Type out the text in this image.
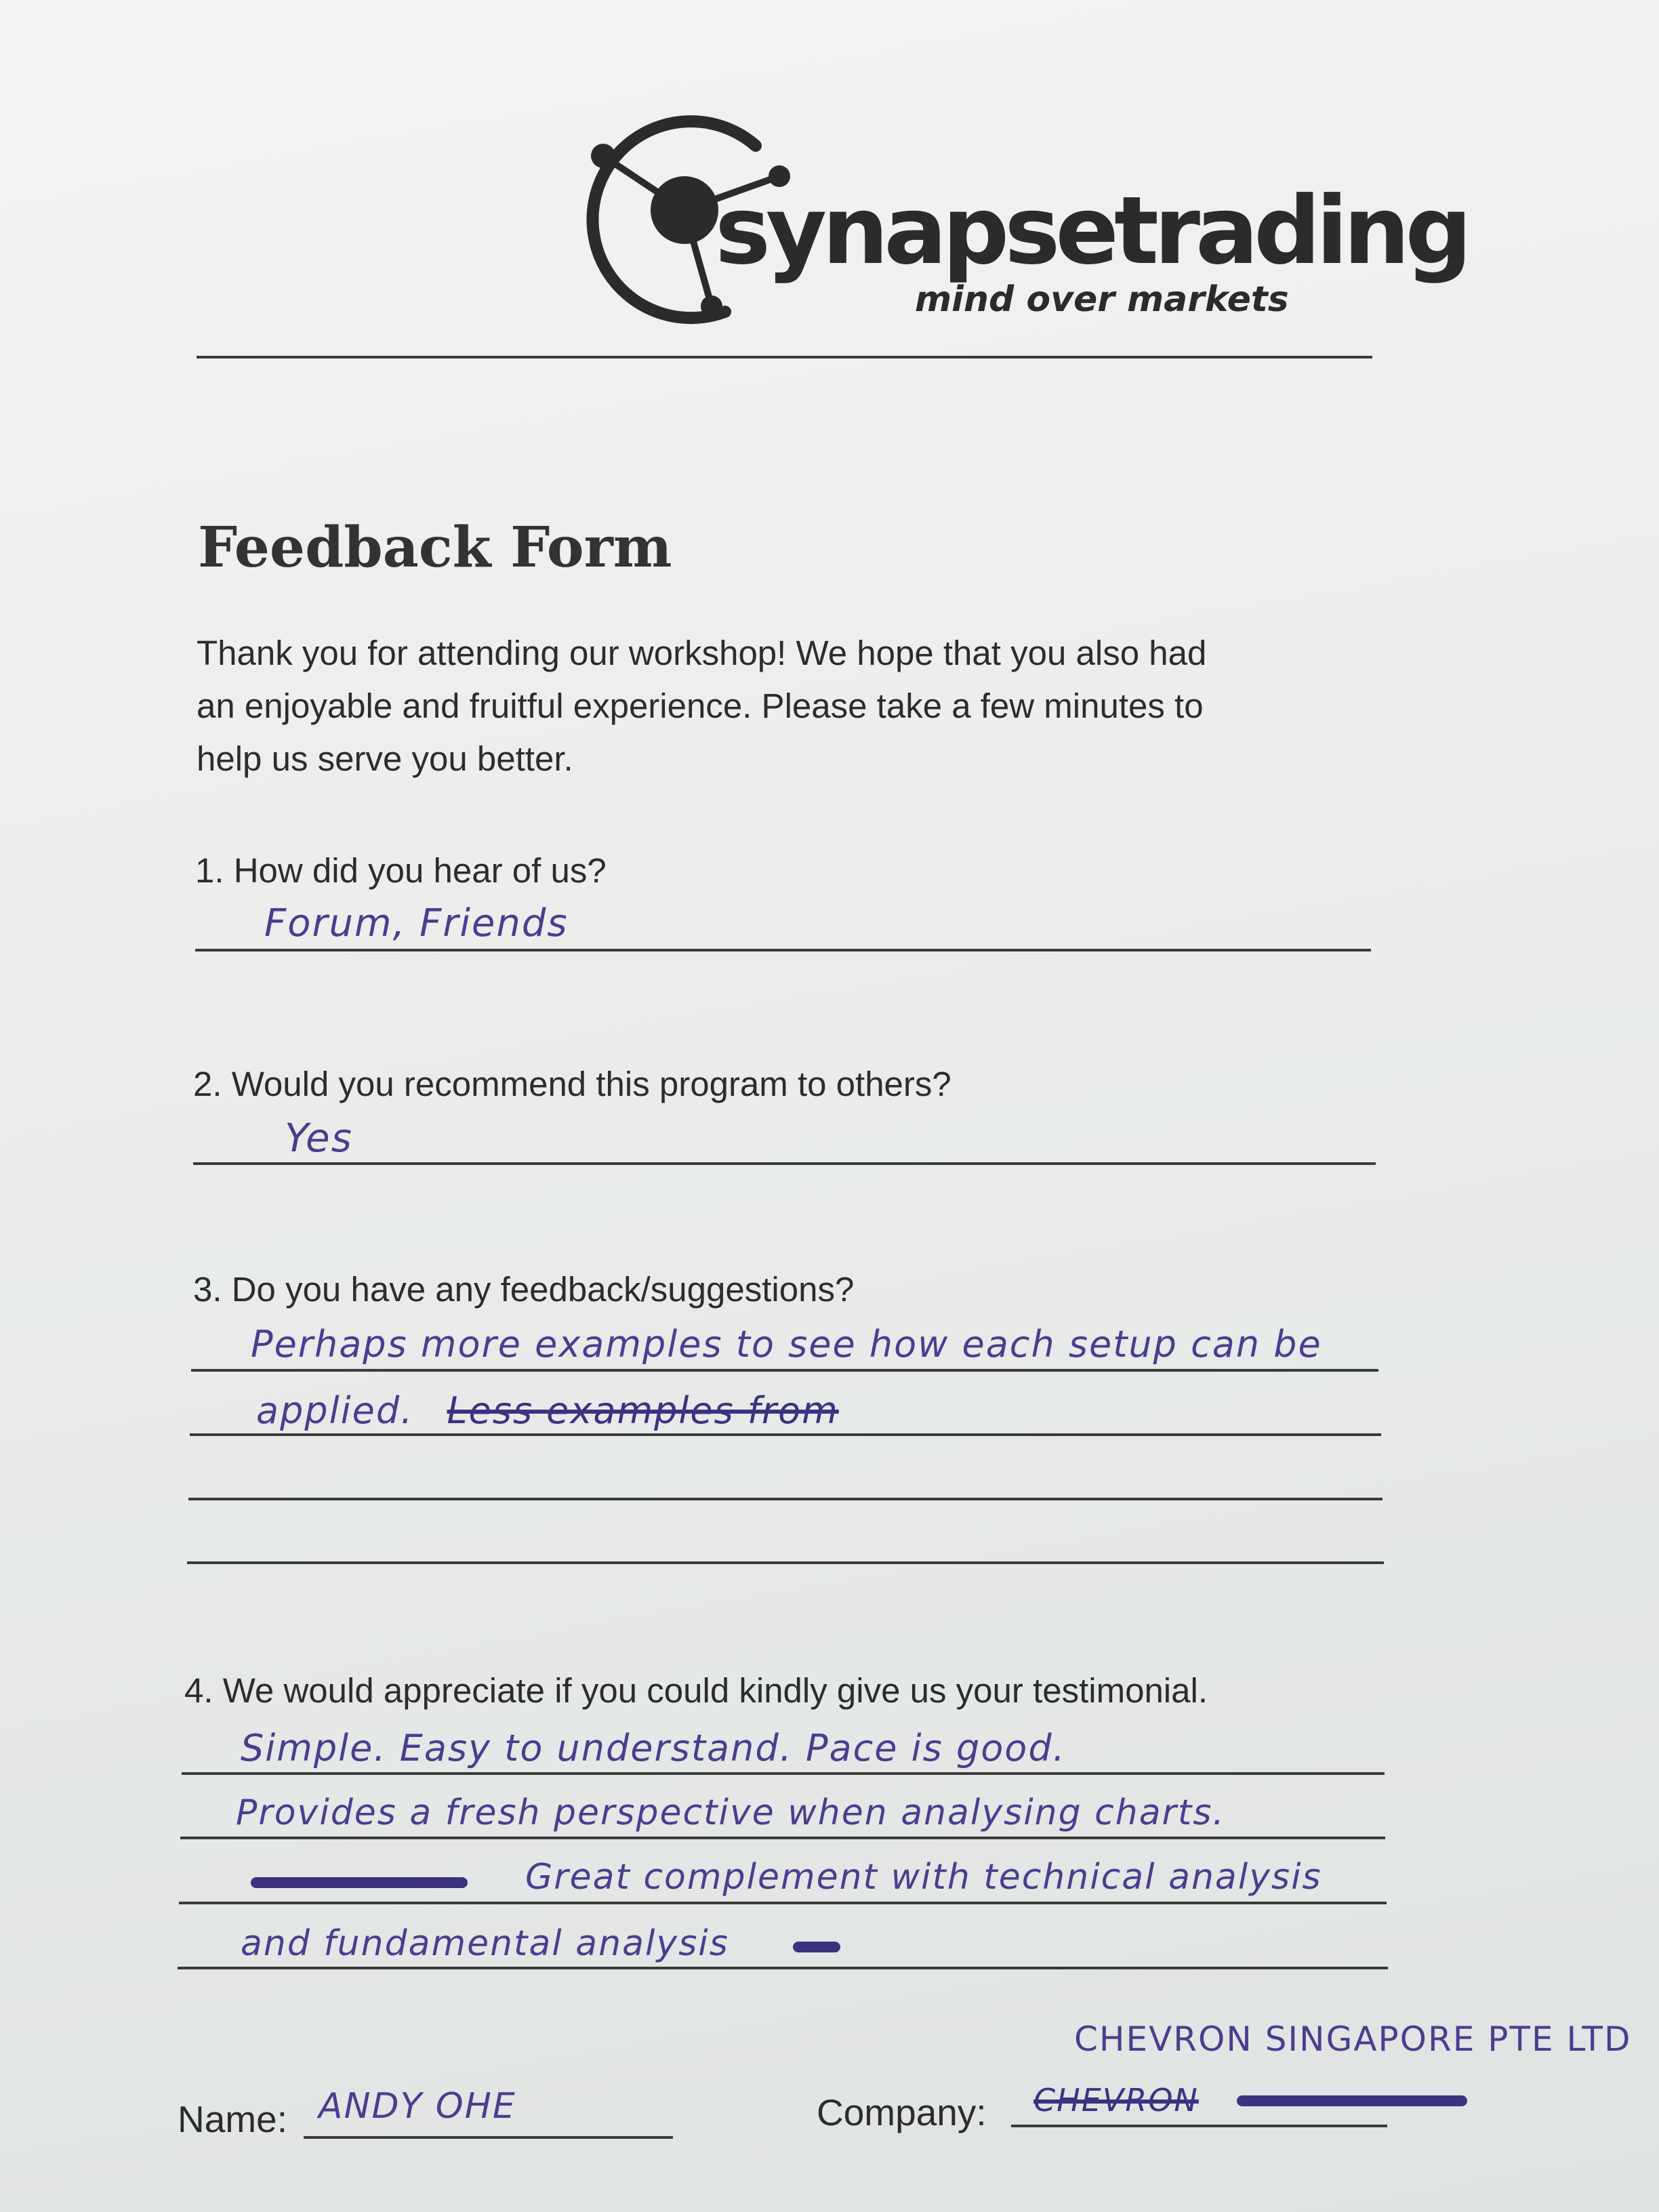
synapsetrading
mind over markets
Feedback Form
Thank you for attending our workshop! We hope that you also had
an enjoyable and fruitful experience. Please take a few minutes to
help us serve you better.
1. How did you hear of us?
Forum, Friends
2. Would you recommend this program to others?
Yes
3. Do you have any feedback/suggestions?
Perhaps more examples to see how each setup can be
applied. Less examples from
4. We would appreciate if you could kindly give us your testimonial.
Simple. Easy to understand. Pace is good.
Provides a fresh perspective when analysing charts.
Great complement with technical analysis
and fundamental analysis
CHEVRON SINGAPORE PTE LTD
Name: ANDY OHE	Company: CHEVRON
